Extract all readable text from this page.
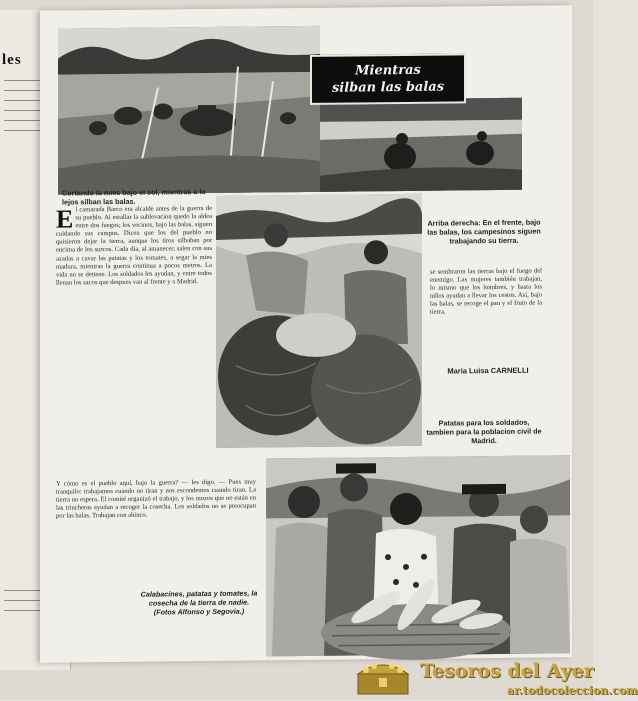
les
Mientras
silban las balas
Cortando la mies bajo el sol, mientras a lo lejos silban las balas.
Arriba derecha: En el frente, bajo las balas, los campesinos siguen trabajando su tierra.
Patatas para los soldados, tambien para la poblacion civil de Madrid.
Calabacines, patatas y tomates, la cosecha de la tierra de nadie. (Fotos Alfonso y Segovia.)
E l camarada Barco era alcalde antes de la guerra de su pueblo. Al estallar la sublevacion quedo la aldea entre dos fuegos; los vecinos, bajo las balas, siguen cuidando sus campos. Dicen que los del pueblo no quisieron dejar la tierra, aunque los tiros silbaban por encima de los surcos. Cada dia, al amanecer, salen con sus azadas a cavar las patatas y los tomates, a segar la mies madura, mientras la guerra continua a pocos metros. La vida no se detiene. Los soldados les ayudan, y entre todos llenan los sacos que despues van al frente y a Madrid.
Y cómo es el pueblo aquí, bajo la guerra? — les digo. — Pues muy tranquilo: trabajamos cuando no tiran y nos escondemos cuando tiran. La tierra no espera. El comité organizó el trabajo, y los mozos que no están en las trincheras ayudan a recoger la cosecha. Los soldados no se preocupan por las balas. Trabajan con ahinco.
se sembraron las tierras bajo el fuego del enemigo. Las mujeres también trabajan, lo mismo que los hombres, y hasta los niños ayudan a llevar los cestos. Así, bajo las balas, se recoge el pan y el fruto de la tierra.
Maria Luisa CARNELLI
Tesoros del Ayer
ar.todocoleccion.com
